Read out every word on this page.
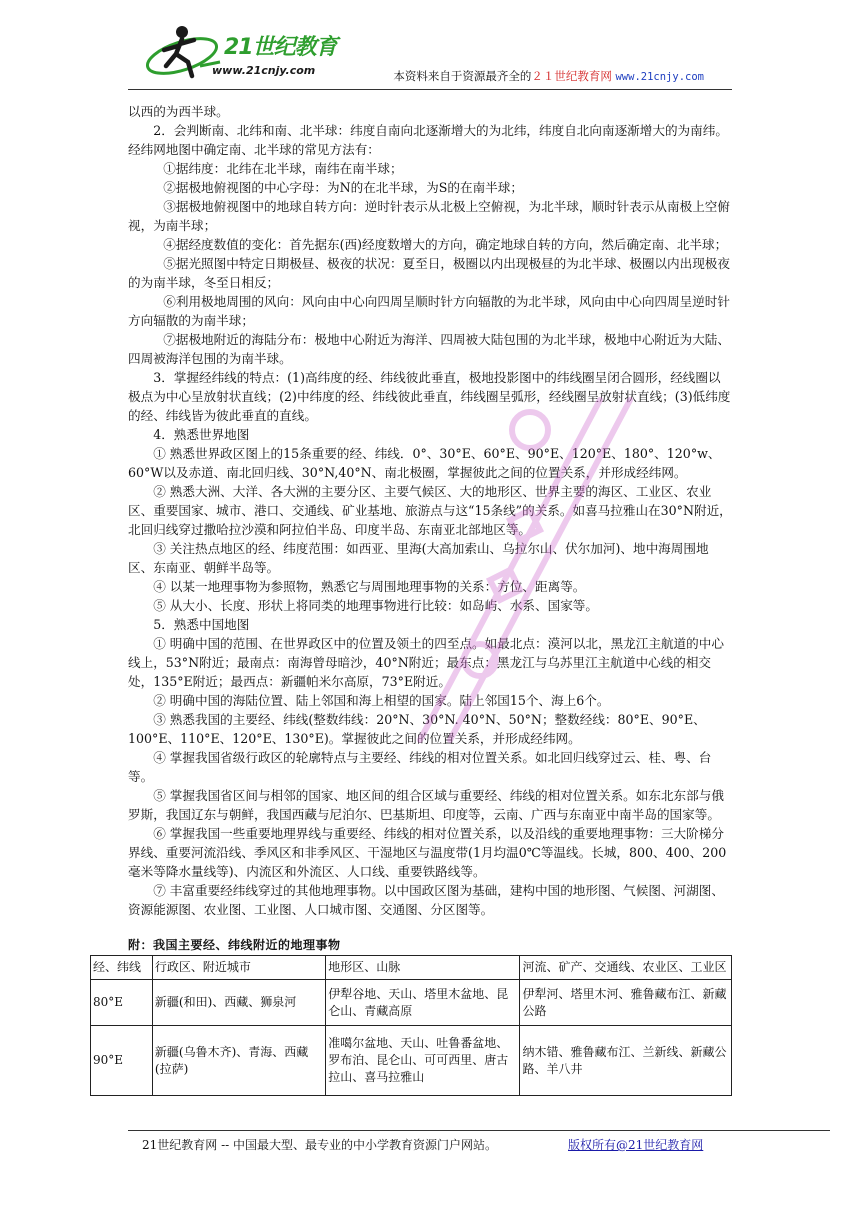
21世纪教育
www.21cnjy.com	本资料来自于资源最齐全的２１世纪教育网 www.21cnjy.com

以西的为西半球。

2．会判断南、北纬和南、北半球：纬度自南向北逐渐增大的为北纬，纬度自北向南逐渐增大的为南纬。经纬网地图中确定南、北半球的常见方法有：

①据纬度：北纬在北半球，南纬在南半球；

②据极地俯视图的中心字母：为N的在北半球，为S的在南半球；

③据极地俯视图中的地球自转方向：逆时针表示从北极上空俯视，为北半球，顺时针表示从南极上空俯视，为南半球；

④据经度数值的变化：首先据东(西)经度数增大的方向，确定地球自转的方向，然后确定南、北半球；

⑤据光照图中特定日期极昼、极夜的状况：夏至日，极圈以内出现极昼的为北半球、极圈以内出现极夜的为南半球，冬至日相反；

⑥利用极地周围的风向：风向由中心向四周呈顺时针方向辐散的为北半球，风向由中心向四周呈逆时针方向辐散的为南半球；

⑦据极地附近的海陆分布：极地中心附近为海洋、四周被大陆包围的为北半球，极地中心附近为大陆、四周被海洋包围的为南半球。

3．掌握经纬线的特点：(1)高纬度的经、纬线彼此垂直，极地投影图中的纬线圈呈闭合圆形，经线圈以极点为中心呈放射状直线；(2)中纬度的经、纬线彼此垂直，纬线圈呈弧形，经线圈呈放射状直线；(3)低纬度的经、纬线皆为彼此垂直的直线。

4．熟悉世界地图

① 熟悉世界政区图上的15条重要的经、纬线．0°、30°E、60°E、90°E、120°E、180°、120°w、60°W以及赤道、南北回归线、30°N,40°N、南北极圈，掌握彼此之间的位置关系，并形成经纬网。

② 熟悉大洲、大洋、各大洲的主要分区、主要气候区、大的地形区、世界主要的海区、工业区、农业区、重要国家、城市、港口、交通线、矿业基地、旅游点与这“15条线”的关系。如喜马拉雅山在30°N附近，北回归线穿过撒哈拉沙漠和阿拉伯半岛、印度半岛、东南亚北部地区等。

③ 关注热点地区的经、纬度范围：如西亚、里海(大高加索山、乌拉尔山、伏尔加河)、地中海周围地区、东南亚、朝鲜半岛等。

④ 以某一地理事物为参照物，熟悉它与周围地理事物的关系：方位、距离等。

⑤ 从大小、长度、形状上将同类的地理事物进行比较：如岛屿、水系、国家等。

5．熟悉中国地图

① 明确中国的范围、在世界政区中的位置及领土的四至点。如最北点：漠河以北，黑龙江主航道的中心线上，53°N附近；最南点：南海曾母暗沙，40°N附近；最东点：黑龙江与乌苏里江主航道中心线的相交处，135°E附近；最西点：新疆帕米尔高原，73°E附近。

② 明确中国的海陆位置、陆上邻国和海上相望的国家。陆上邻国15个、海上6个。

③ 熟悉我国的主要经、纬线(整数纬线：20°N、30°N. 40°N、50°N；整数经线：80°E、90°E、100°E、110°E、120°E、130°E)。掌握彼此之间的位置关系，并形成经纬网。

④ 掌握我国省级行政区的轮廓特点与主要经、纬线的相对位置关系。如北回归线穿过云、桂、粤、台等。

⑤ 掌握我国省区间与相邻的国家、地区间的组合区域与重要经、纬线的相对位置关系。如东北东部与俄罗斯，我国辽东与朝鲜，我国西藏与尼泊尔、巴基斯坦、印度等，云南、广西与东南亚中南半岛的国家等。

⑥ 掌握我国一些重要地理界线与重要经、纬线的相对位置关系，以及沿线的重要地理事物：三大阶梯分界线、重要河流沿线、季风区和非季风区、干湿地区与温度带(1月均温0℃等温线。长城，800、400、200毫米等降水量线等)、内流区和外流区、人口线、重要铁路线等。

⑦ 丰富重要经纬线穿过的其他地理事物。以中国政区图为基础，建构中国的地形图、气候图、河湖图、资源能源图、农业图、工业图、人口城市图、交通图、分区图等。

附：我国主要经、纬线附近的地理事物
经、纬线	行政区、附近城市	地形区、山脉	河流、矿产、交通线、农业区、工业区
80°E	新疆(和田)、西藏、狮泉河	伊犁谷地、天山、塔里木盆地、昆仑山、青藏高原	伊犁河、塔里木河、雅鲁藏布江、新藏公路
90°E	新疆(乌鲁木齐)、青海、西藏(拉萨)	准噶尔盆地、天山、吐鲁番盆地、罗布泊、昆仑山、可可西里、唐古拉山、喜马拉雅山	纳木错、雅鲁藏布江、兰新线、新藏公路、羊八井
21世纪教育网 -- 中国最大型、最专业的中小学教育资源门户网站。	版权所有@21世纪教育网
